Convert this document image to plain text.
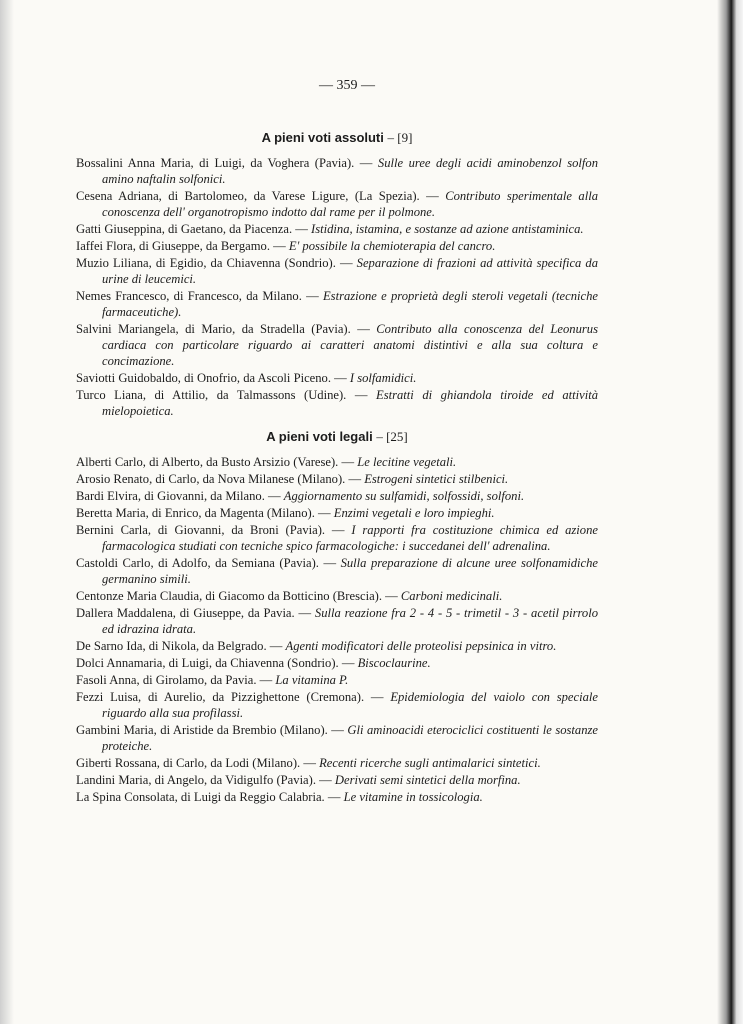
— 359 —
A pieni voti assoluti – [9]

Bossalini Anna Maria, di Luigi, da Voghera (Pavia). — Sulle uree degli acidi aminobenzol solfon amino naftalin solfonici.

Cesena Adriana, di Bartolomeo, da Varese Ligure, (La Spezia). — Contributo sperimentale alla conoscenza dell' organotropismo indotto dal rame per il polmone.

Gatti Giuseppina, di Gaetano, da Piacenza. — Istidina, istamina, e sostanze ad azione antistaminica.

Iaffei Flora, di Giuseppe, da Bergamo. — E' possibile la chemioterapia del cancro.

Muzio Liliana, di Egidio, da Chiavenna (Sondrio). — Separazione di frazioni ad attività specifica da urine di leucemici.

Nemes Francesco, di Francesco, da Milano. — Estrazione e proprietà degli steroli vegetali (tecniche farmaceutiche).

Salvini Mariangela, di Mario, da Stradella (Pavia). — Contributo alla conoscenza del Leonurus cardiaca con particolare riguardo ai caratteri anatomi distintivi e alla sua coltura e concimazione.

Saviotti Guidobaldo, di Onofrio, da Ascoli Piceno. — I solfamidici.

Turco Liana, di Attilio, da Talmassons (Udine). — Estratti di ghiandola tiroide ed attività mielopoietica.

A pieni voti legali – [25]

Alberti Carlo, di Alberto, da Busto Arsizio (Varese). — Le lecitine vegetali.

Arosio Renato, di Carlo, da Nova Milanese (Milano). — Estrogeni sintetici stilbenici.

Bardi Elvira, di Giovanni, da Milano. — Aggiornamento su sulfamidi, solfossidi, solfoni.

Beretta Maria, di Enrico, da Magenta (Milano). — Enzimi vegetali e loro impieghi.

Bernini Carla, di Giovanni, da Broni (Pavia). — I rapporti fra costituzione chimica ed azione farmacologica studiati con tecniche spico farmacologiche: i succedanei dell' adrenalina.

Castoldi Carlo, di Adolfo, da Semiana (Pavia). — Sulla preparazione di alcune uree solfonamidiche germanino simili.

Centonze Maria Claudia, di Giacomo da Botticino (Brescia). — Carboni medicinali.

Dallera Maddalena, di Giuseppe, da Pavia. — Sulla reazione fra 2 - 4 - 5 - trimetil - 3 - acetil pirrolo ed idrazina idrata.

De Sarno Ida, di Nikola, da Belgrado. — Agenti modificatori delle proteolisi pepsinica in vitro.

Dolci Annamaria, di Luigi, da Chiavenna (Sondrio). — Biscoclaurine.

Fasoli Anna, di Girolamo, da Pavia. — La vitamina P.

Fezzi Luisa, di Aurelio, da Pizzighettone (Cremona). — Epidemiologia del vaiolo con speciale riguardo alla sua profilassi.

Gambini Maria, di Aristide da Brembio (Milano). — Gli aminoacidi eterociclici costituenti le sostanze proteiche.

Giberti Rossana, di Carlo, da Lodi (Milano). — Recenti ricerche sugli antimalarici sintetici.

Landini Maria, di Angelo, da Vidigulfo (Pavia). — Derivati semi sintetici della morfina.

La Spina Consolata, di Luigi da Reggio Calabria. — Le vitamine in tossicologia.
